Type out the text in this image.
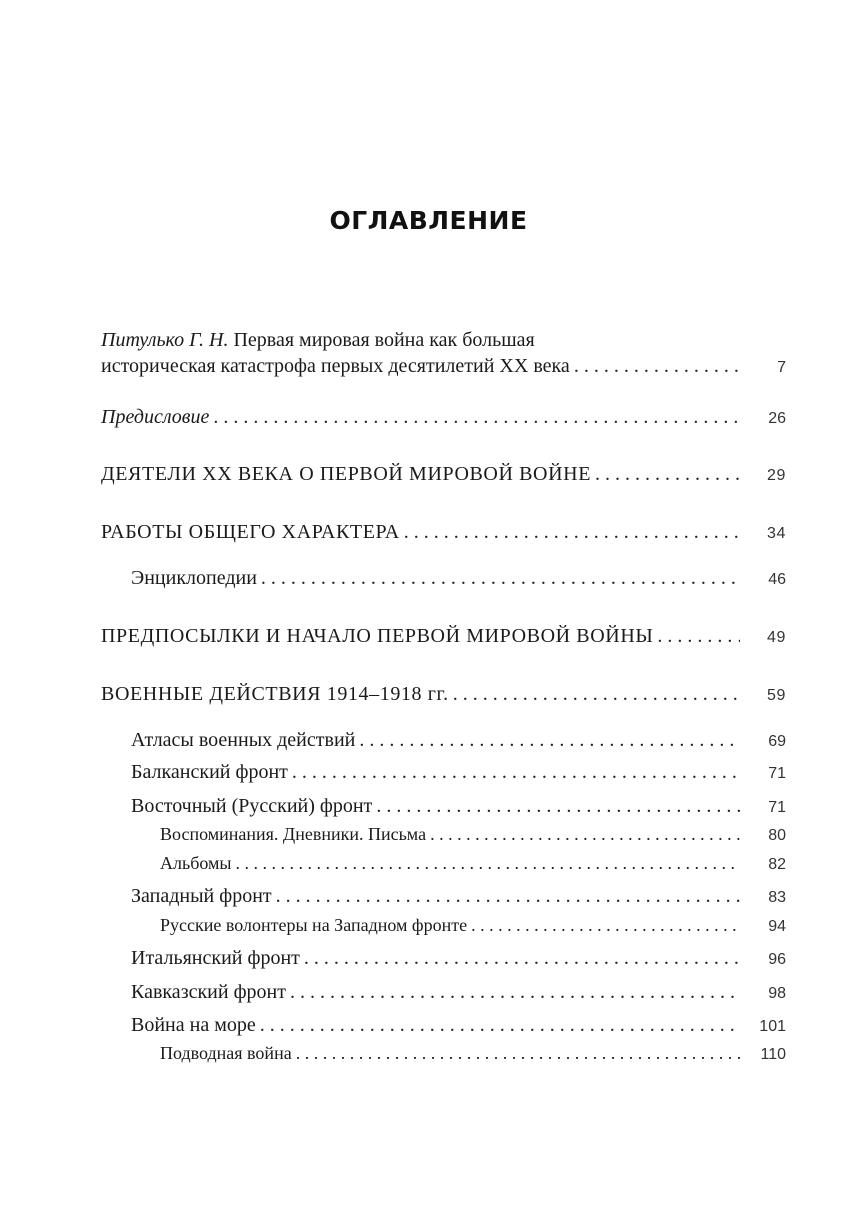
ОГЛАВЛЕНИЕ
Питулько Г. Н. Первая мировая война как большая
историческая катастрофа первых десятилетий XX века . . .	7
Предисловие . . .	26
ДЕЯТЕЛИ XX ВЕКА О ПЕРВОЙ МИРОВОЙ ВОЙНЕ . . .	29
РАБОТЫ ОБЩЕГО ХАРАКТЕРА . . .	34
Энциклопедии . . .	46
ПРЕДПОСЫЛКИ И НАЧАЛО ПЕРВОЙ МИРОВОЙ ВОЙНЫ . . .	49
ВОЕННЫЕ ДЕЙСТВИЯ 1914–1918 гг. . . .	59
Атласы военных действий . . .	69
Балканский фронт . . .	71
Восточный (Русский) фронт . . .	71
Воспоминания. Дневники. Письма . . .	80
Альбомы . . .	82
Западный фронт . . .	83
Русские волонтеры на Западном фронте . . .	94
Итальянский фронт . . .	96
Кавказский фронт . . .	98
Война на море . . .	101
Подводная война . . .	110
